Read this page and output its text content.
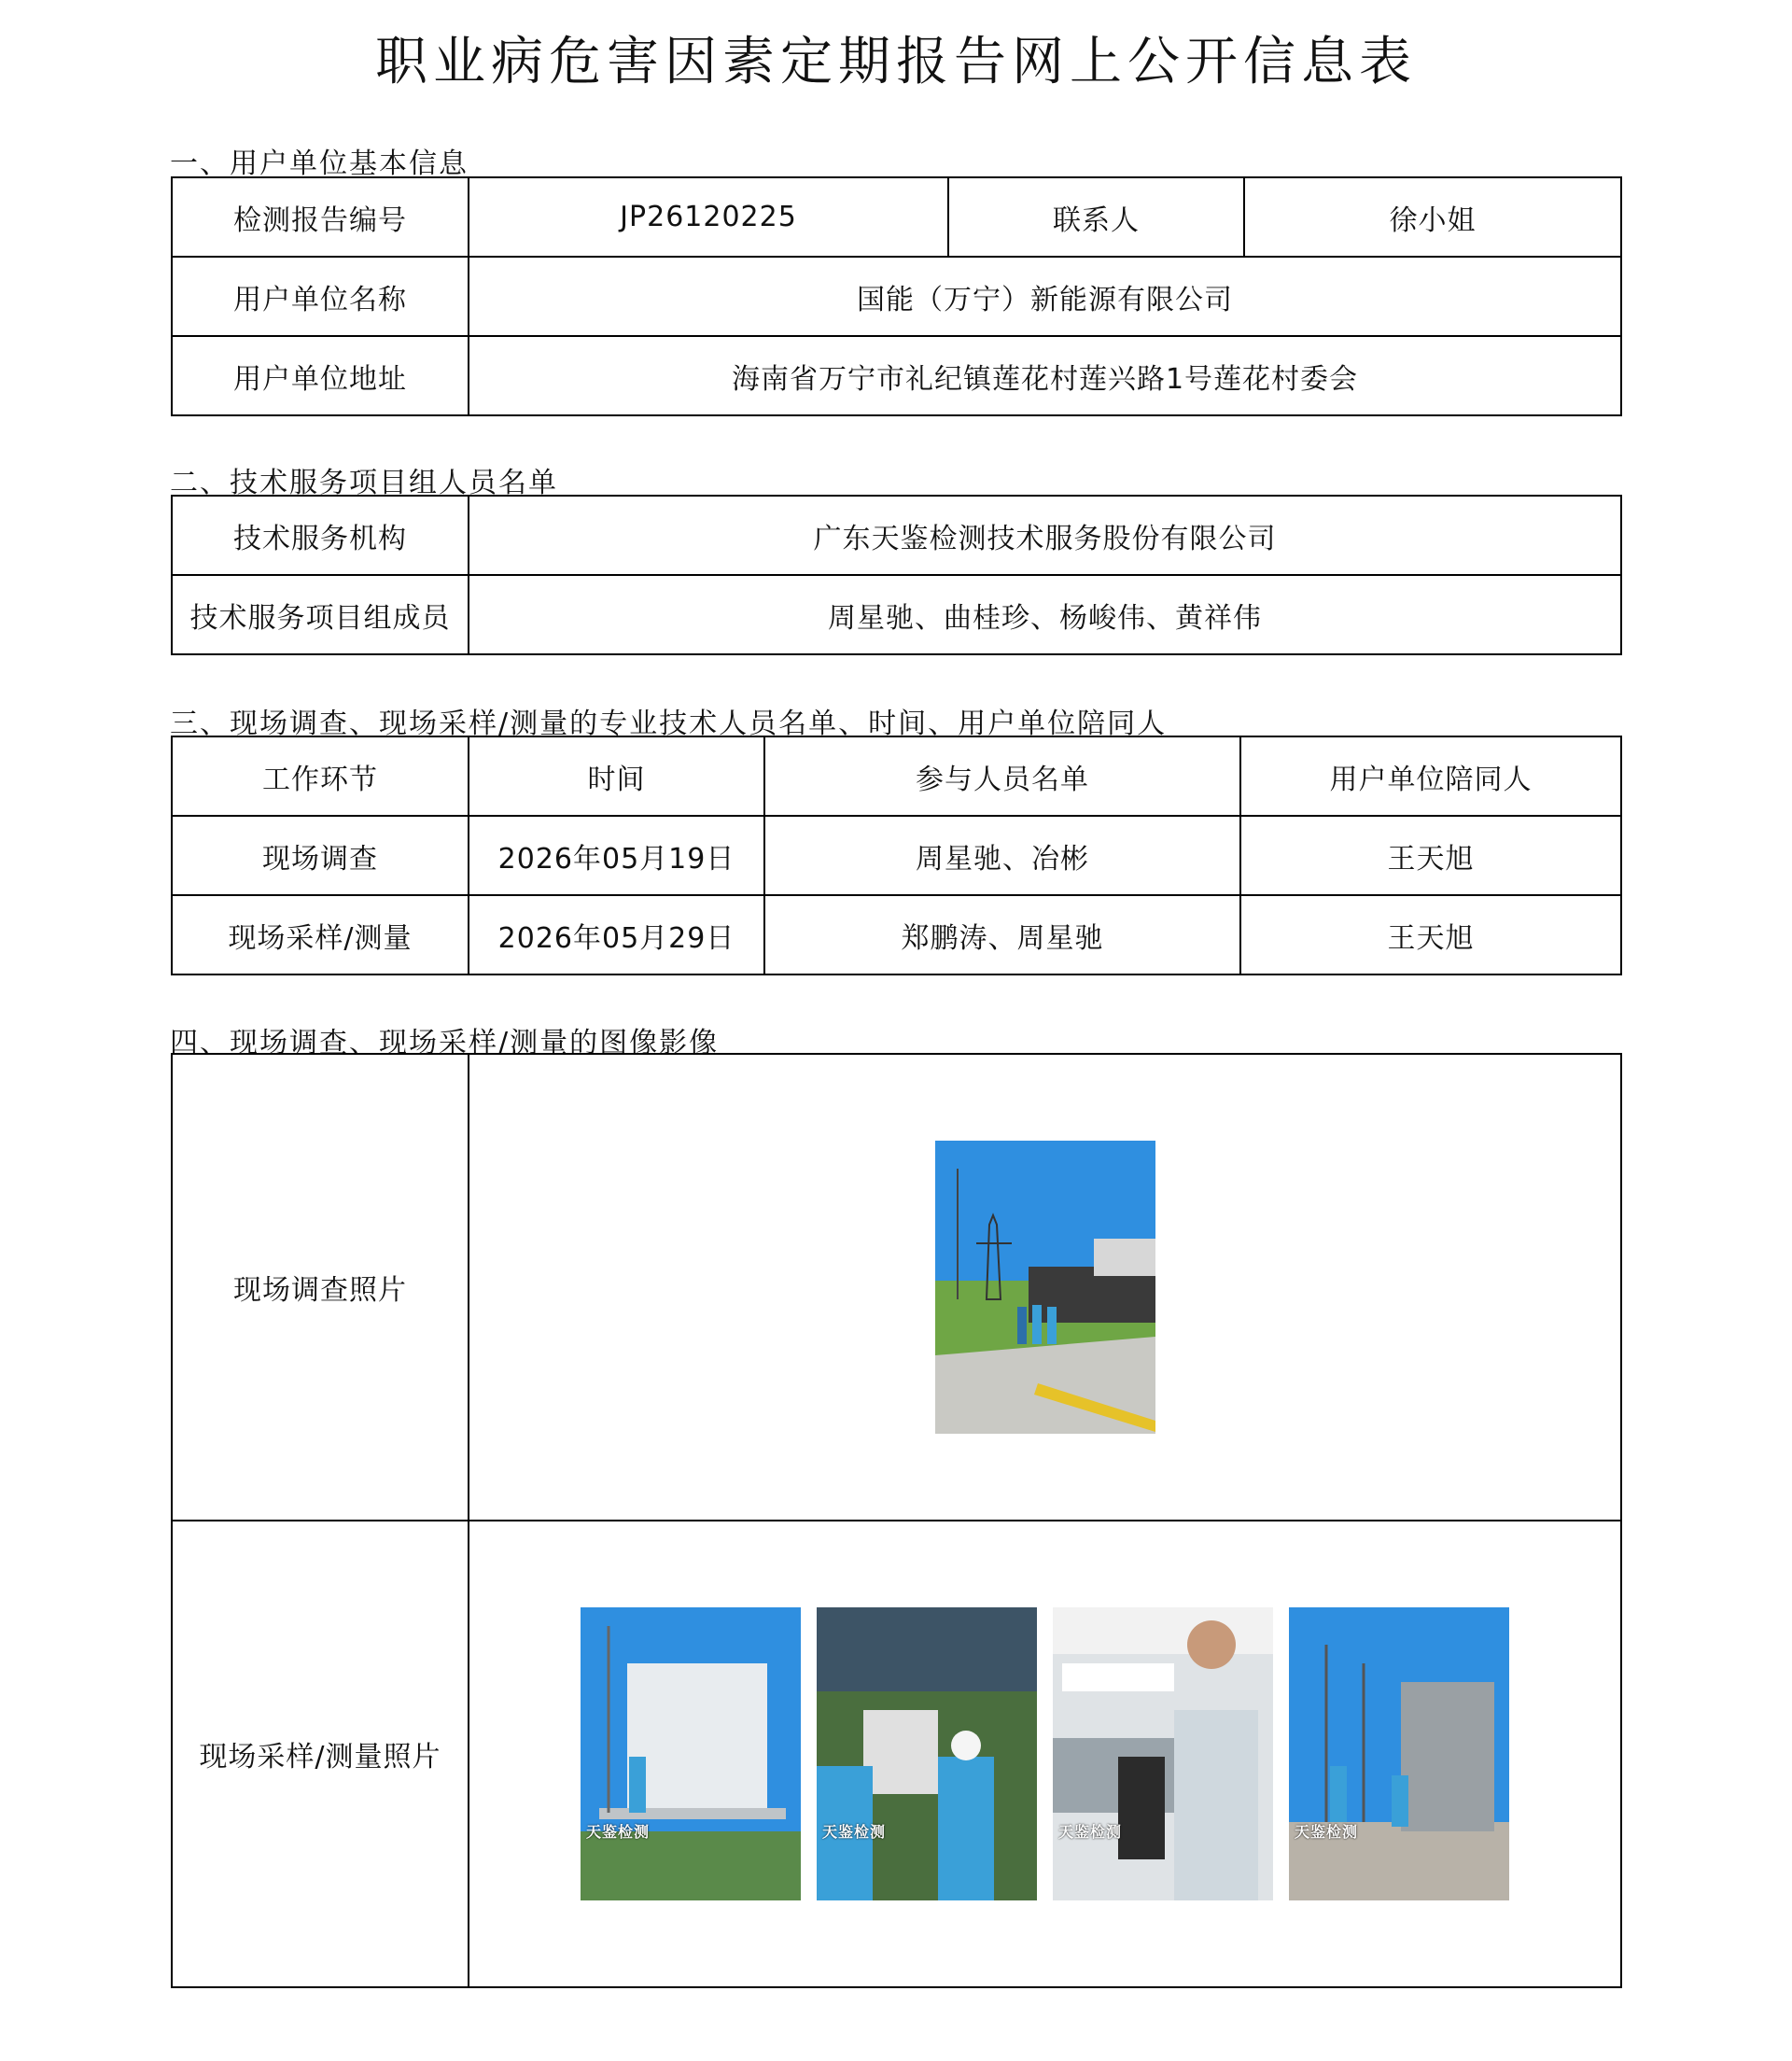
职业病危害因素定期报告网上公开信息表
一、用户单位基本信息
检测报告编号	JP26120225	联系人	徐小姐
用户单位名称	国能（万宁）新能源有限公司		
用户单位地址	海南省万宁市礼纪镇莲花村莲兴路1号莲花村委会		
二、技术服务项目组人员名单
技术服务机构	广东天鉴检测技术服务股份有限公司
技术服务项目组成员	周星驰、曲桂珍、杨峻伟、黄祥伟
三、现场调查、现场采样/测量的专业技术人员名单、时间、用户单位陪同人
工作环节	时间	参与人员名单	用户单位陪同人
现场调查	2026年05月19日	周星驰、冶彬	王天旭
现场采样/测量	2026年05月29日	郑鹏涛、周星驰	王天旭
四、现场调查、现场采样/测量的图像影像
现场调查照片	
现场采样/测量照片	天鉴检测 天鉴检测 天鉴检测 天鉴检测
